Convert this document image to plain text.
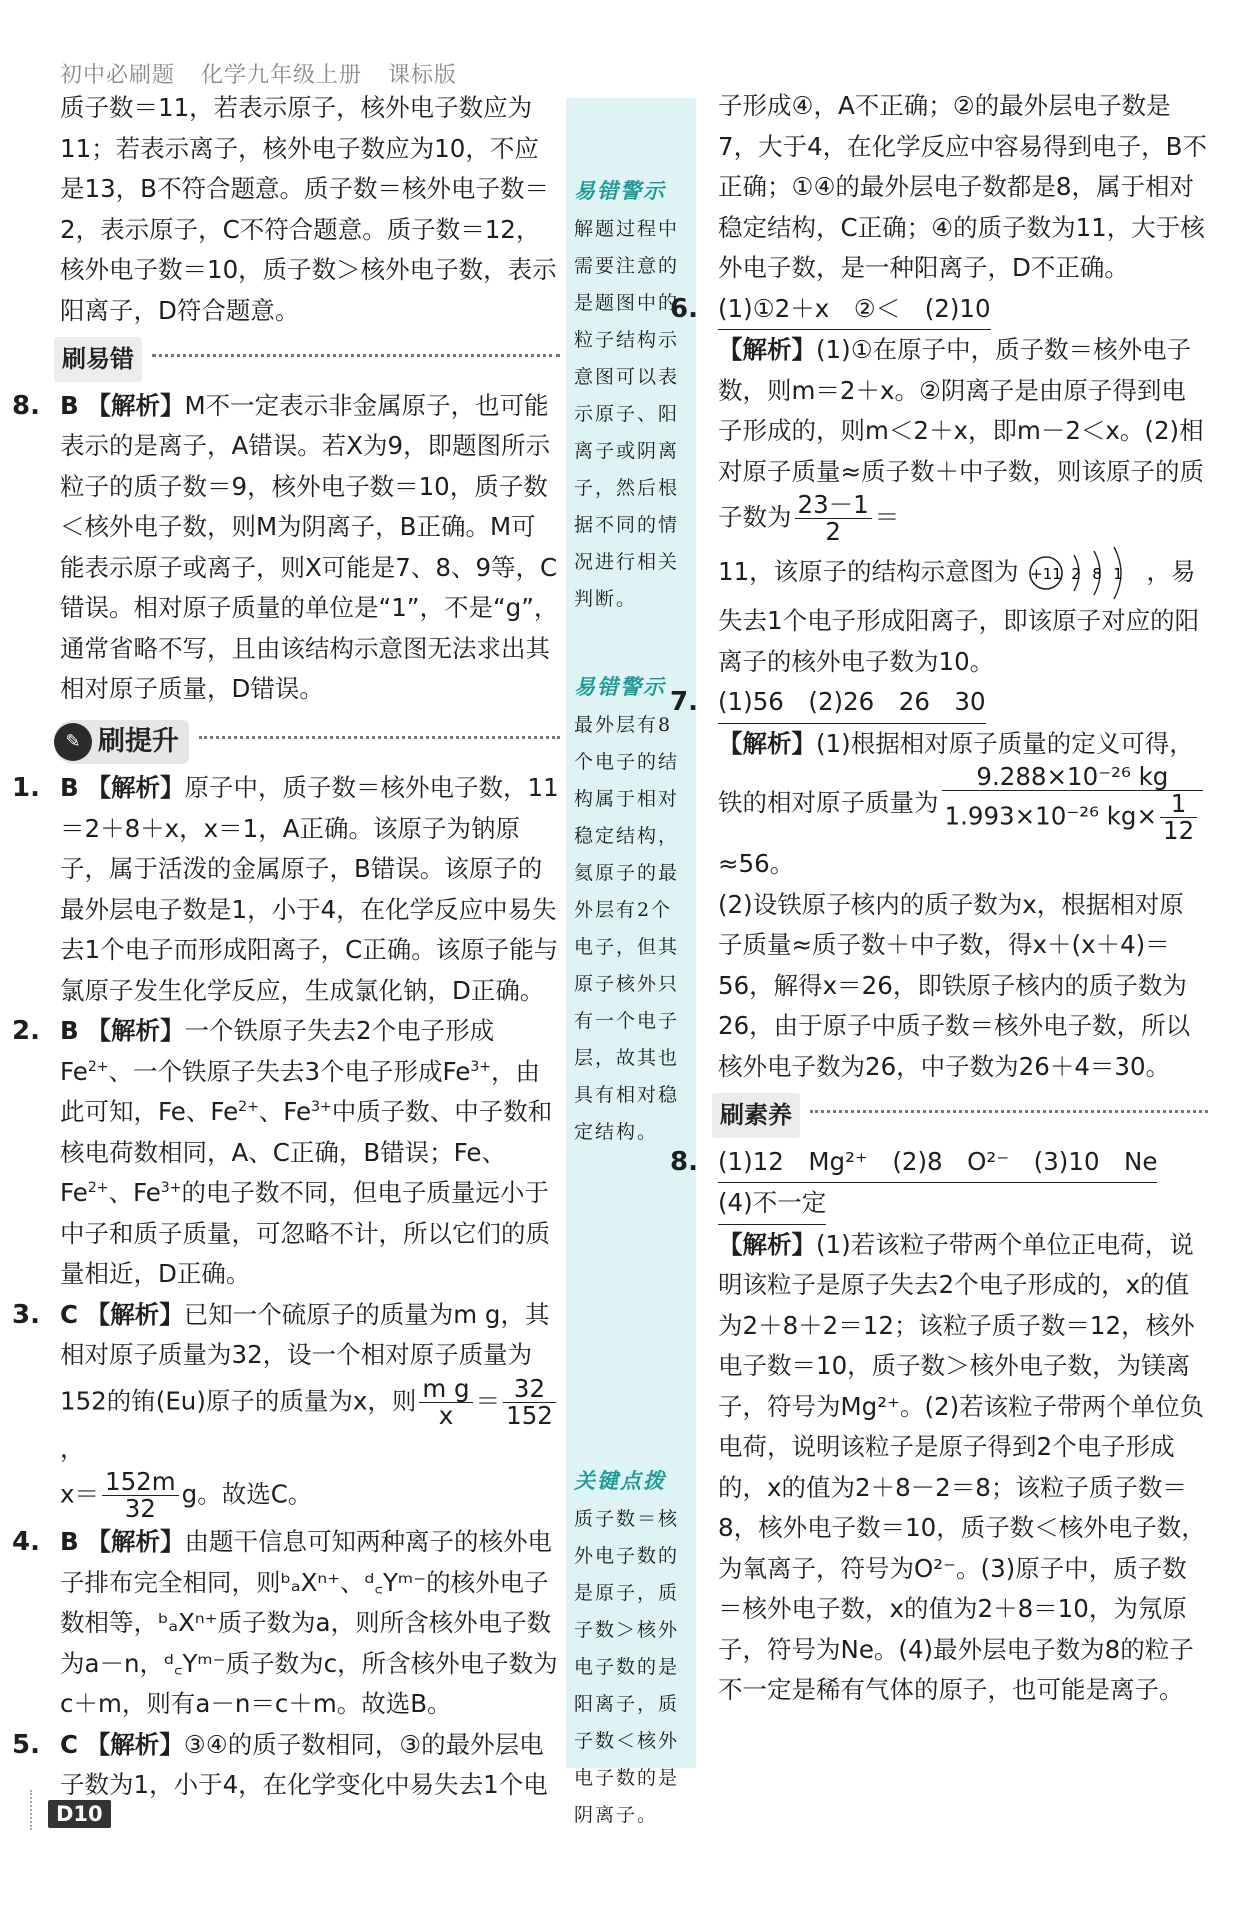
初中必刷题 化学九年级上册 课标版
易错警示
解题过程中需要注意的是题图中的粒子结构示意图可以表示原子、阳离子或阴离子，然后根据不同的情况进行相关判断。
易错警示
最外层有8个电子的结构属于相对稳定结构，氦原子的最外层有2个电子，但其原子核外只有一个电子层，故其也具有相对稳定结构。
关键点拨
质子数＝核外电子数的是原子，质子数＞核外电子数的是阳离子，质子数＜核外电子数的是阴离子。

质子数＝11，若表示原子，核外电子数应为11；若表示离子，核外电子数应为10，不应是13，B不符合题意。质子数＝核外电子数＝2，表示原子，C不符合题意。质子数＝12，核外电子数＝10，质子数＞核外电子数，表示阳离子，D符合题意。

刷易错

8. B 【解析】M不一定表示非金属原子，也可能表示的是离子，A错误。若X为9，即题图所示粒子的质子数＝9，核外电子数＝10，质子数＜核外电子数，则M为阴离子，B正确。M可能表示原子或离子，则X可能是7、8、9等，C错误。相对原子质量的单位是“1”，不是“g”，通常省略不写，且由该结构示意图无法求出其相对原子质量，D错误。

✎ 刷提升

1. B 【解析】原子中，质子数＝核外电子数，11＝2＋8＋x，x＝1，A正确。该原子为钠原子，属于活泼的金属原子，B错误。该原子的最外层电子数是1，小于4，在化学反应中易失去1个电子而形成阳离子，C正确。该原子能与氯原子发生化学反应，生成氯化钠，D正确。

2. B 【解析】一个铁原子失去2个电子形成$Fe^{2+}$、一个铁原子失去3个电子形成$Fe^{3+}$，由此可知，Fe、$Fe^{2+}$、$Fe^{3+}$中质子数、中子数和核电荷数相同，A、C正确，B错误；Fe、$Fe^{2+}$、$Fe^{3+}$的电子数不同，但电子质量远小于中子和质子质量，可忽略不计，所以它们的质量相近，D正确。

3. C 【解析】已知一个硫原子的质量为m g，其相对原子质量为32，设一个相对原子质量为152的铕(Eu)原子的质量为x，则 $\frac{\text{m g}}{x} = \frac{32}{152}$
，
$x= \frac{152m}{32}$ g。故选C。

4. B 【解析】由题干信息可知两种离子的核外电子排布完全相同，则ᵇₐXⁿ⁺、ᵈ꜀Yᵐ⁻的核外电子数相等，ᵇₐXⁿ⁺质子数为a，则所含核外电子数为a－n，ᵈ꜀Yᵐ⁻质子数为c，所含核外电子数为c＋m，则有a－n＝c＋m。故选B。

5. C 【解析】③④的质子数相同，③的最外层电子数为1，小于4，在化学变化中易失去1个电

子形成④，A不正确；②的最外层电子数是7，大于4，在化学反应中容易得到电子，B不正确；①④的最外层电子数都是8，属于相对稳定结构，C正确；④的质子数为11，大于核外电子数，是一种阳离子，D不正确。

6. (1)①2＋x　②＜　(2)10
【解析】(1)①在原子中，质子数＝核外电子数，则m＝2＋x。②阴离子是由原子得到电子形成的，则m＜2＋x，即m－2＜x。(2)相对原子质量≈质子数＋中子数，则该原子的质子数为 $\frac{23-1}{2}$ ＝
11，该原子的结构示意图为 +11 2 8 1 ，易失去1个电子形成阳离子，即该原子对应的阳离子的核外电子数为10。

7. (1)56　(2)26　26　30
【解析】(1)根据相对原子质量的定义可得，铁的相对原子质量为 $\frac{\text{9.288×10⁻²⁶ kg}}{1.993\times 10^{-26} kg\times \frac{1}{12}}$
≈56。
(2)设铁原子核内的质子数为x，根据相对原子质量≈质子数＋中子数，得x＋(x＋4)＝56，解得x＝26，即铁原子核内的质子数为26，由于原子中质子数＝核外电子数，所以核外电子数为26，中子数为26＋4＝30。

刷素养

8. (1)12　Mg²⁺　(2)8　O²⁻　(3)10　Ne
(4)不一定
【解析】(1)若该粒子带两个单位正电荷，说明该粒子是原子失去2个电子形成的，x的值为2＋8＋2＝12；该粒子质子数＝12，核外电子数＝10，质子数＞核外电子数，为镁离子，符号为Mg²⁺。(2)若该粒子带两个单位负电荷，说明该粒子是原子得到2个电子形成的，x的值为2＋8－2＝8；该粒子质子数＝8，核外电子数＝10，质子数＜核外电子数，为氧离子，符号为O²⁻。(3)原子中，质子数＝核外电子数，x的值为2＋8＝10，为氖原子，符号为Ne。(4)最外层电子数为8的粒子不一定是稀有气体的原子，也可能是离子。

D10
